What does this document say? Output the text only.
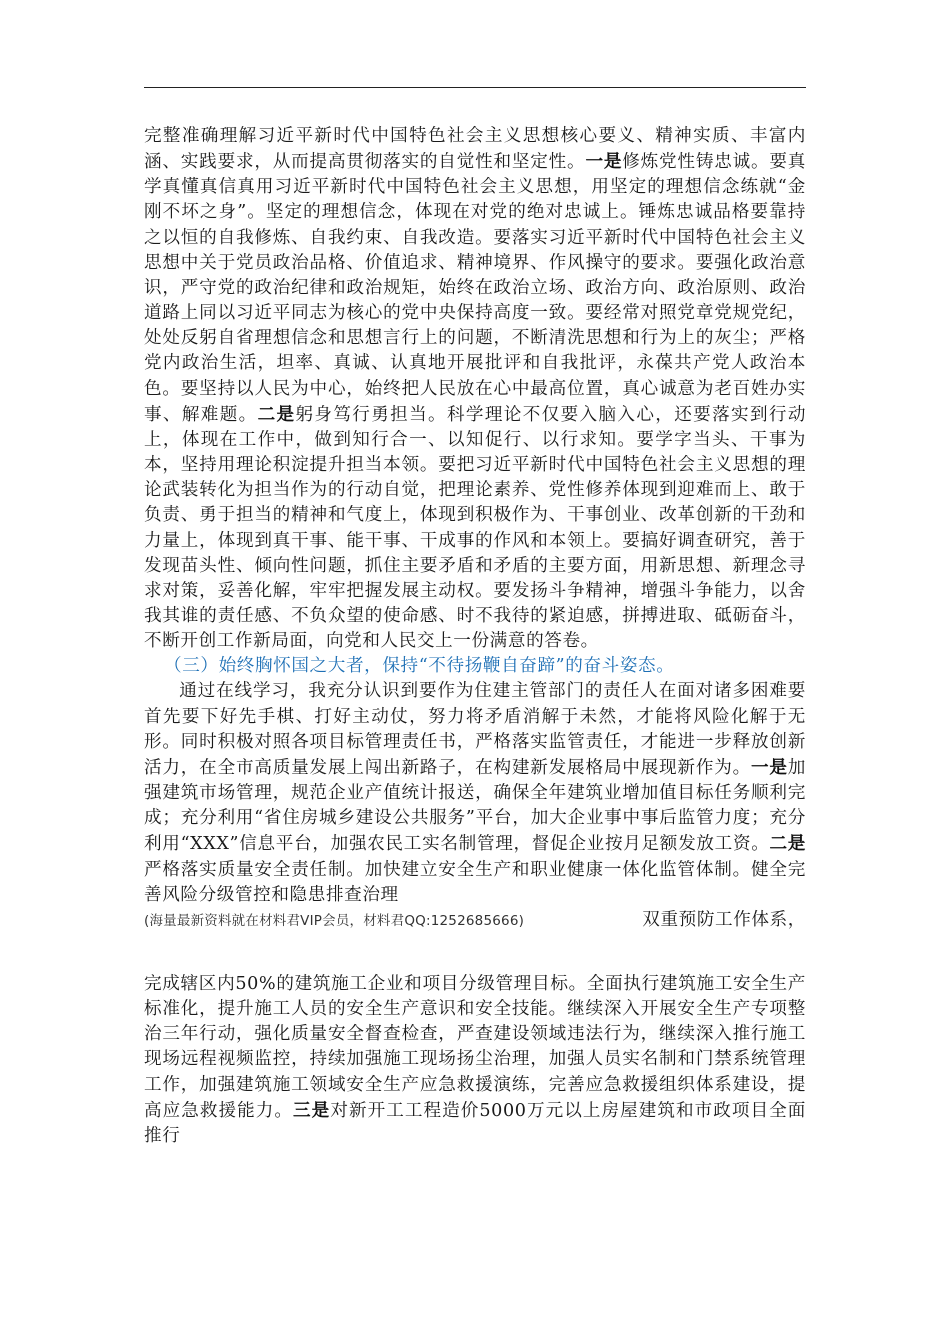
完整准确理解习近平新时代中国特色社会主义思想核心要义、精神实质、丰富内涵、实践要求，从而提高贯彻落实的自觉性和坚定性。一是修炼党性铸忠诚。要真学真懂真信真用习近平新时代中国特色社会主义思想，用坚定的理想信念练就“金刚不坏之身”。坚定的理想信念，体现在对党的绝对忠诚上。锤炼忠诚品格要靠持之以恒的自我修炼、自我约束、自我改造。要落实习近平新时代中国特色社会主义思想中关于党员政治品格、价值追求、精神境界、作风操守的要求。要强化政治意识，严守党的政治纪律和政治规矩，始终在政治立场、政治方向、政治原则、政治道路上同以习近平同志为核心的党中央保持高度一致。要经常对照党章党规党纪，处处反躬自省理想信念和思想言行上的问题，不断清洗思想和行为上的灰尘；严格党内政治生活，坦率、真诚、认真地开展批评和自我批评，永葆共产党人政治本色。要坚持以人民为中心，始终把人民放在心中最高位置，真心诚意为老百姓办实事、解难题。二是躬身笃行勇担当。科学理论不仅要入脑入心，还要落实到行动上，体现在工作中，做到知行合一、以知促行、以行求知。要学字当头、干事为本，坚持用理论积淀提升担当本领。要把习近平新时代中国特色社会主义思想的理论武装转化为担当作为的行动自觉，把理论素养、党性修养体现到迎难而上、敢于负责、勇于担当的精神和气度上，体现到积极作为、干事创业、改革创新的干劲和力量上，体现到真干事、能干事、干成事的作风和本领上。要搞好调查研究，善于发现苗头性、倾向性问题，抓住主要矛盾和矛盾的主要方面，用新思想、新理念寻求对策，妥善化解，牢牢把握发展主动权。要发扬斗争精神，增强斗争能力，以舍我其谁的责任感、不负众望的使命感、时不我待的紧迫感，拼搏进取、砥砺奋斗，不断开创工作新局面，向党和人民交上一份满意的答卷。

（三）始终胸怀国之大者，保持“不待扬鞭自奋蹄”的奋斗姿态。

通过在线学习，我充分认识到要作为住建主管部门的责任人在面对诸多困难要首先要下好先手棋、打好主动仗，努力将矛盾消解于未然，才能将风险化解于无形。同时积极对照各项目标管理责任书，严格落实监管责任，才能进一步释放创新活力，在全市高质量发展上闯出新路子，在构建新发展格局中展现新作为。一是加强建筑市场管理，规范企业产值统计报送，确保全年建筑业增加值目标任务顺利完成；充分利用“省住房城乡建设公共服务”平台，加大企业事中事后监管力度；充分利用“XXX”信息平台，加强农民工实名制管理，督促企业按月足额发放工资。二是严格落实质量安全责任制。加快建立安全生产和职业健康一体化监管体制。健全完善风险分级管控和隐患排查治理

(海量最新资料就在材料君VIP会员，材料君QQ:1252685666)	双重预防工作体系，

完成辖区内50%的建筑施工企业和项目分级管理目标。全面执行建筑施工安全生产标准化，提升施工人员的安全生产意识和安全技能。继续深入开展安全生产专项整治三年行动，强化质量安全督查检查，严查建设领域违法行为，继续深入推行施工现场远程视频监控，持续加强施工现场扬尘治理，加强人员实名制和门禁系统管理工作，加强建筑施工领域安全生产应急救援演练，完善应急救援组织体系建设，提高应急救援能力。三是对新开工工程造价5000万元以上房屋建筑和市政项目全面推行
